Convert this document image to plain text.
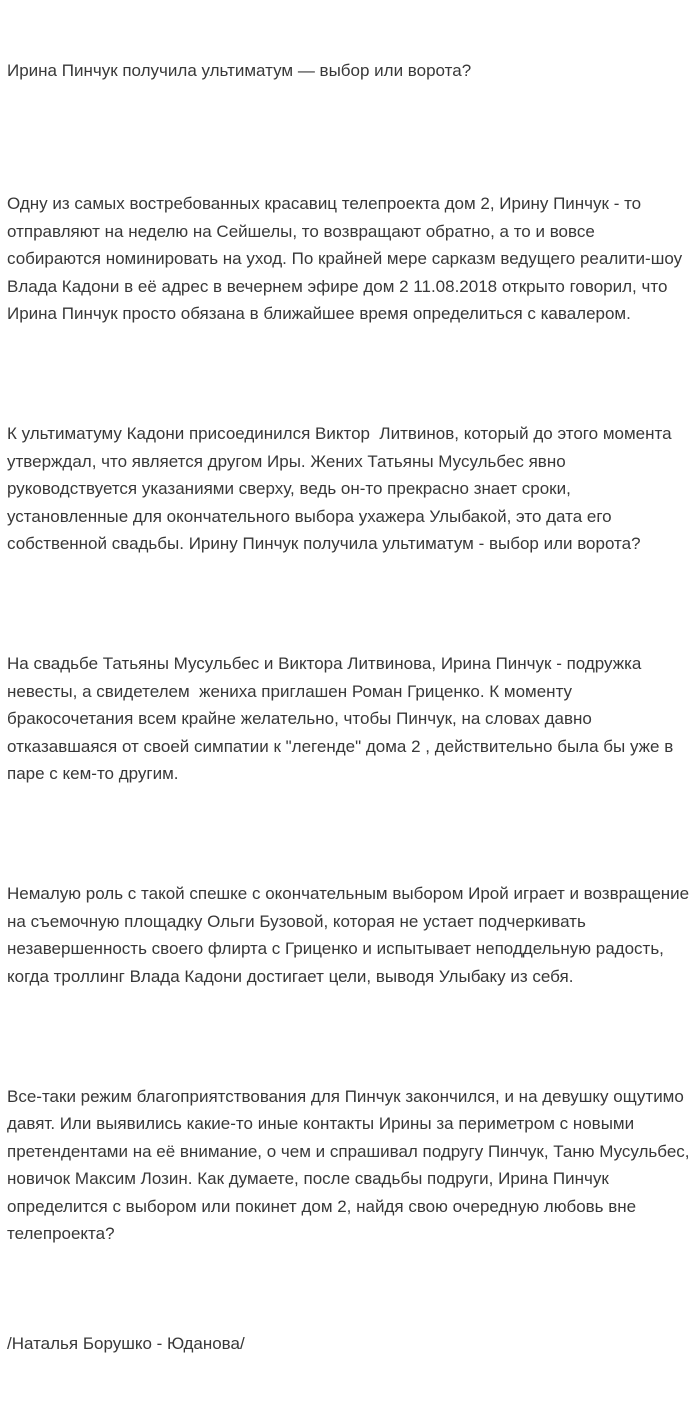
Ирина Пинчук получила ультиматум — выбор или ворота?

Одну из самых востребованных красавиц телепроекта дом 2, Ирину Пинчук - то отправляют на неделю на Сейшелы, то возвращают обратно, а то и вовсе собираются номинировать на уход. По крайней мере сарказм ведущего реалити-шоу Влада Кадони в её адрес в вечернем эфире дом 2 11.08.2018 открыто говорил, что Ирина Пинчук просто обязана в ближайшее время определиться с кавалером.

К ультиматуму Кадони присоединился Виктор  Литвинов, который до этого момента утверждал, что является другом Иры. Жених Татьяны Мусульбес явно руководствуется указаниями сверху, ведь он-то прекрасно знает сроки, установленные для окончательного выбора ухажера Улыбакой, это дата его собственной свадьбы. Ирину Пинчук получила ультиматум - выбор или ворота?

На свадьбе Татьяны Мусульбес и Виктора Литвинова, Ирина Пинчук - подружка невесты, а свидетелем  жениха приглашен Роман Гриценко. К моменту бракосочетания всем крайне желательно, чтобы Пинчук, на словах давно отказавшаяся от своей симпатии к "легенде" дома 2 , действительно была бы уже в паре с кем-то другим.

Немалую роль с такой спешке с окончательным выбором Ирой играет и возвращение на съемочную площадку Ольги Бузовой, которая не устает подчеркивать незавершенность своего флирта с Гриценко и испытывает неподдельную радость, когда троллинг Влада Кадони достигает цели, выводя Улыбаку из себя.

Все-таки режим благоприятствования для Пинчук закончился, и на девушку ощутимо давят. Или выявились какие-то иные контакты Ирины за периметром с новыми претендентами на её внимание, о чем и спрашивал подругу Пинчук, Таню Мусульбес, новичок Максим Лозин. Как думаете, после свадьбы подруги, Ирина Пинчук определится с выбором или покинет дом 2, найдя свою очередную любовь вне телепроекта?

/Наталья Борушко - Юданова/
